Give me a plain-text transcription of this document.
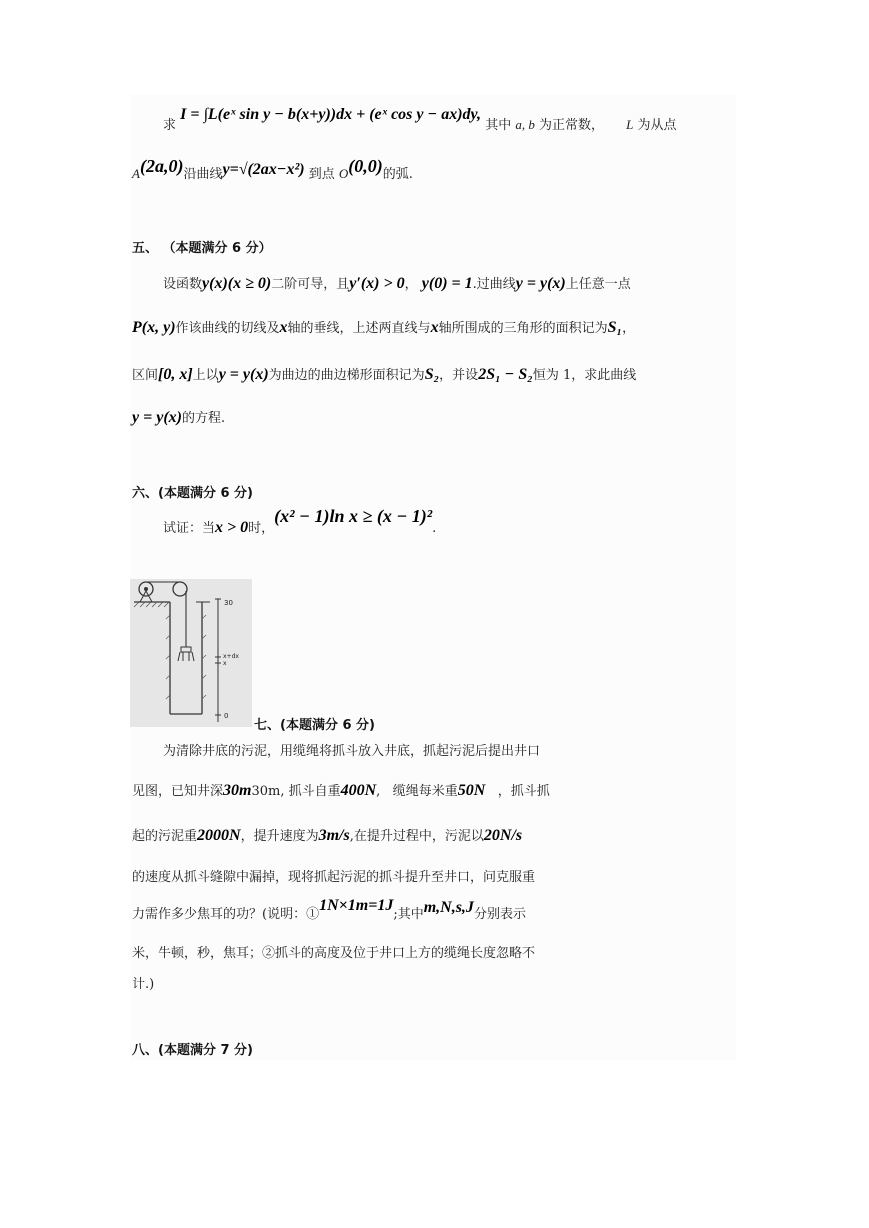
求 I = ∫L(eˣ sin y − b(x+y))dx + (eˣ cos y − ax)dy, 其中 a, b 为正常数， L 为从点
A(2a,0)沿曲线y=√(2ax−x²) 到点 O(0,0)的弧.
五、 （本题满分 6 分）
设函数y(x)(x ≥ 0)二阶可导，且y′(x) > 0， y(0) = 1.过曲线y = y(x)上任意一点
P(x, y)作该曲线的切线及x轴的垂线，上述两直线与x轴所围成的三角形的面积记为S₁，
区间[0, x]上以y = y(x)为曲边的曲边梯形面积记为S₂，并设2S₁ − S₂恒为 1，求此曲线
y = y(x)的方程.
六、(本题满分 6 分)
试证：当x > 0时，(x² − 1)ln x ≥ (x − 1)².
30
x+dx
x
0
七、(本题满分 6 分)
为清除井底的污泥，用缆绳将抓斗放入井底，抓起污泥后提出井口
见图，已知井深30m30m, 抓斗自重400N, 缆绳每米重50N ，抓斗抓
起的污泥重2000N，提升速度为3m/s,在提升过程中，污泥以20N/s
的速度从抓斗缝隙中漏掉，现将抓起污泥的抓斗提升至井口，问克服重
力需作多少焦耳的功？(说明：①1N×1m=1J;其中m,N,s,J分别表示
米，牛顿，秒，焦耳；②抓斗的高度及位于井口上方的缆绳长度忽略不
计.)
八、(本题满分 7 分)
